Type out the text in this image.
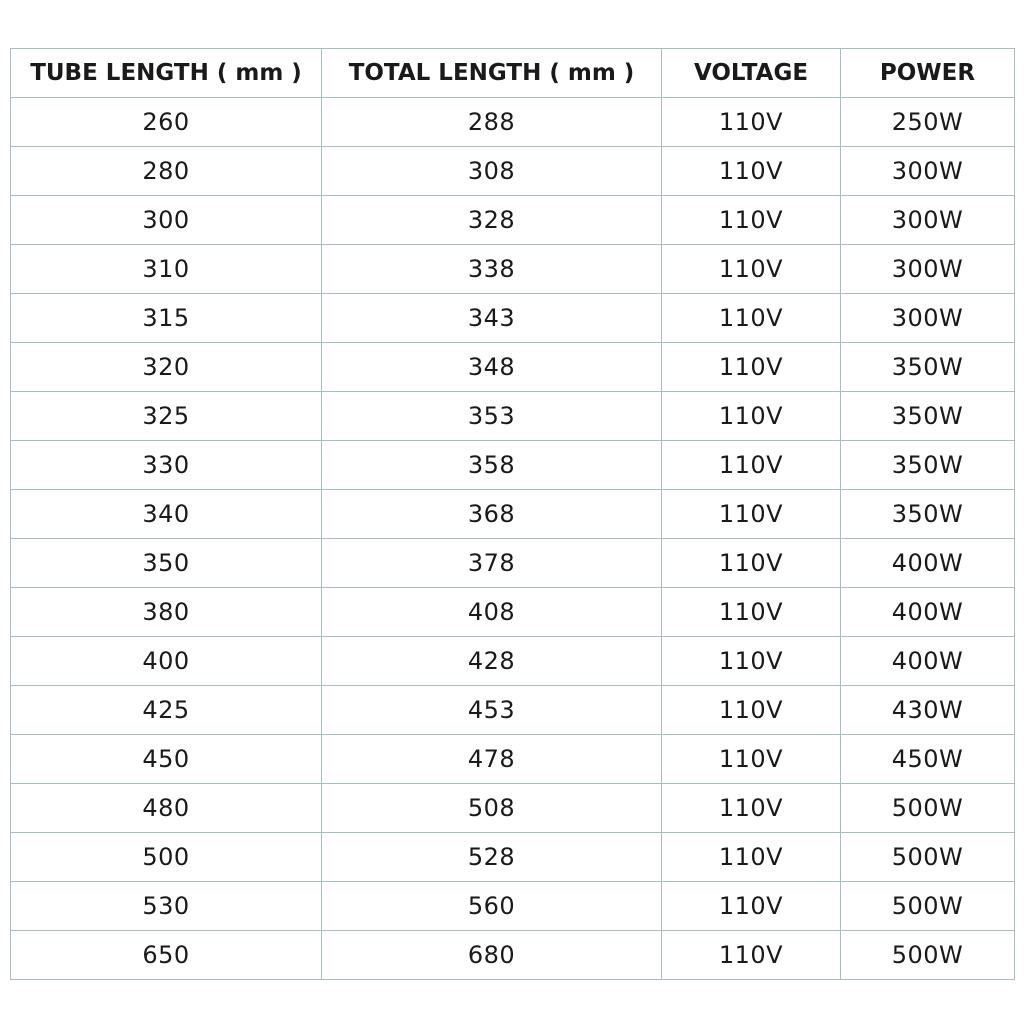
TUBE LENGTH ( mm )	TOTAL LENGTH ( mm )	VOLTAGE	POWER
260	288	110V	250W
280	308	110V	300W
300	328	110V	300W
310	338	110V	300W
315	343	110V	300W
320	348	110V	350W
325	353	110V	350W
330	358	110V	350W
340	368	110V	350W
350	378	110V	400W
380	408	110V	400W
400	428	110V	400W
425	453	110V	430W
450	478	110V	450W
480	508	110V	500W
500	528	110V	500W
530	560	110V	500W
650	680	110V	500W
